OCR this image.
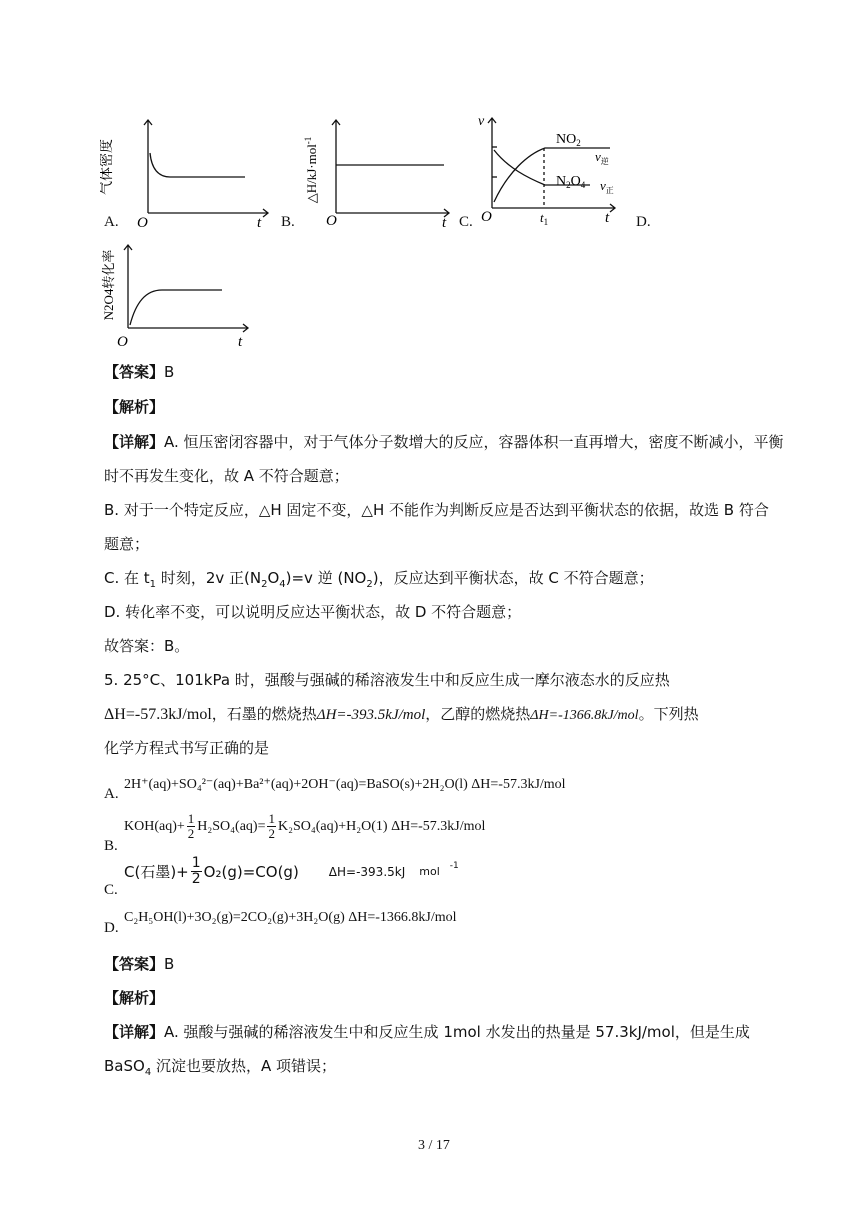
气体密度
O	t
A.
△H/kJ·mol$^{-1}$
O	t
B.
v
O	t
$t_1$
$NO_2$
$v_逆$
$N_2O_4$ $v_正$
C.	D.
N2O4转化率
O	t
【答案】B
【解析】
【详解】A. 恒压密闭容器中，对于气体分子数增大的反应，容器体积一直再增大，密度不断减小，平衡
时不再发生变化，故 A 不符合题意；
B. 对于一个特定反应，△H 固定不变，△H 不能作为判断反应是否达到平衡状态的依据，故选 B 符合
题意；
C. 在 $t_1$ 时刻，2v 正$(N_2O_4)=v$ 逆 $(NO_2)$，反应达到平衡状态，故 C 不符合题意；
D. 转化率不变，可以说明反应达平衡状态，故 D 不符合题意；
故答案：B。
5. 25°C、101kPa 时，强酸与强碱的稀溶液发生中和反应生成一摩尔液态水的反应热
ΔH=-57.3kJ/mol，石墨的燃烧热ΔH=-393.5kJ/mol，乙醇的燃烧热ΔH=-1366.8kJ/mol。下列热
化学方程式书写正确的是
A.
2H⁺(aq)+SO₄²⁻(aq)+Ba²⁺(aq)+2OH⁻(aq)=BaSO(s)+2H₂O(l) ΔH=-57.3kJ/mol
B.
$KOH(aq)+ \frac{1}{2} H_2SO_4(aq)= \frac{1}{2} K_2SO_4(aq)+H_2O(1)$ ΔH=-57.3kJ/mol
C.
C(石墨)+ $\frac{1}{2} O_2(g)=CO(g)$	ΔH=-393.5kJ mol $^{-1}$
D.
C₂H₅OH(l)+3O₂(g)=2CO₂(g)+3H₂O(g) ΔH=-1366.8kJ/mol
【答案】B
【解析】
【详解】A. 强酸与强碱的稀溶液发生中和反应生成 1mol 水发出的热量是 57.3kJ/mol，但是生成
BaSO$_4$ 沉淀也要放热，A 项错误；
3 / 17
